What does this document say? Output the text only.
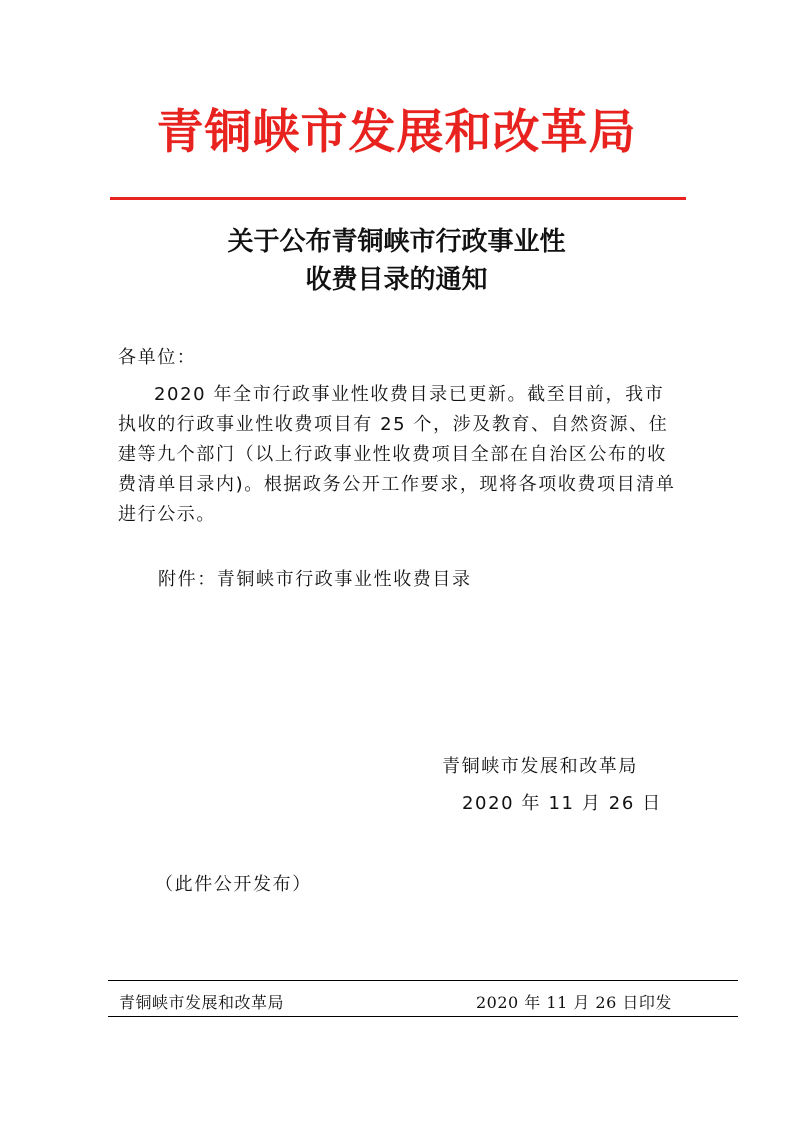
青铜峡市发展和改革局
关于公布青铜峡市行政事业性
收费目录的通知
各单位：
2020 年全市行政事业性收费目录已更新。截至目前，我市执收的行政事业性收费项目有 25 个，涉及教育、自然资源、住建等九个部门（以上行政事业性收费项目全部在自治区公布的收费清单目录内)。根据政务公开工作要求，现将各项收费项目清单进行公示。
附件：青铜峡市行政事业性收费目录
青铜峡市发展和改革局
2020 年 11 月 26 日
（此件公开发布）
青铜峡市发展和改革局	2020 年 11 月 26 日印发
